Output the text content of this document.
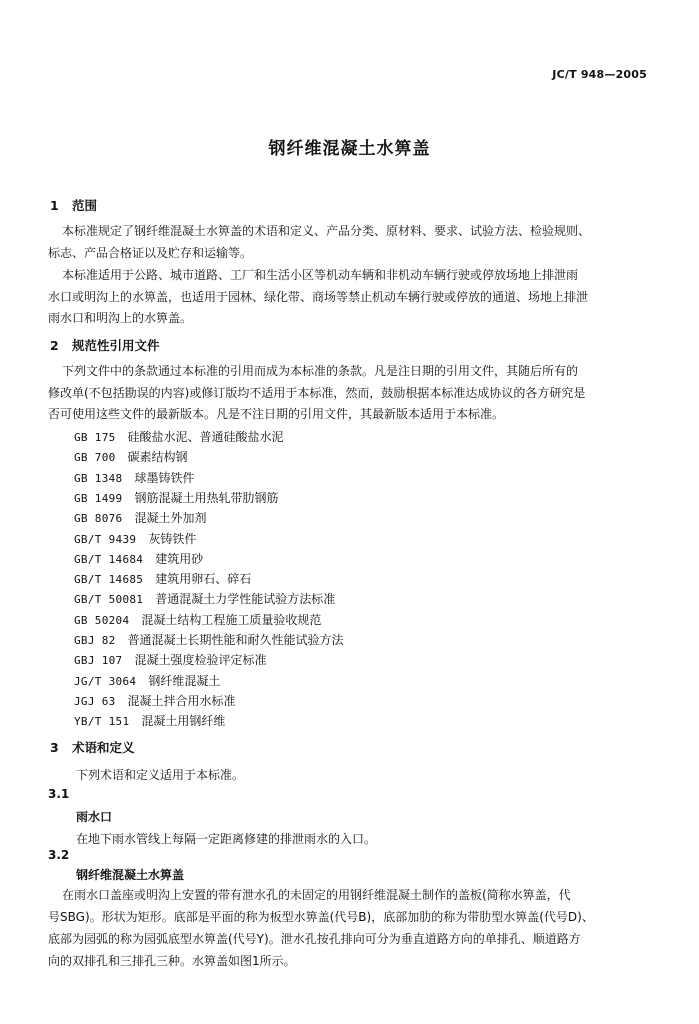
JC/T 948—2005
钢纤维混凝土水箅盖
1 范围
本标准规定了钢纤维混凝土水箅盖的术语和定义、产品分类、原材料、要求、试验方法、检验规则、
标志、产品合格证以及贮存和运输等。
本标准适用于公路、城市道路、工厂和生活小区等机动车辆和非机动车辆行驶或停放场地上排泄雨
水口或明沟上的水箅盖，也适用于园林、绿化带、商场等禁止机动车辆行驶或停放的通道、场地上排泄
雨水口和明沟上的水箅盖。
2 规范性引用文件
下列文件中的条款通过本标准的引用而成为本标准的条款。凡是注日期的引用文件，其随后所有的
修改单(不包括勘误的内容)或修订版均不适用于本标准，然而，鼓励根据本标准达成协议的各方研究是
否可使用这些文件的最新版本。凡是不注日期的引用文件，其最新版本适用于本标准。
GB 175 硅酸盐水泥、普通硅酸盐水泥
GB 700 碳素结构钢
GB 1348 球墨铸铁件
GB 1499 钢筋混凝土用热轧带肋钢筋
GB 8076 混凝土外加剂
GB/T 9439 灰铸铁件
GB/T 14684 建筑用砂
GB/T 14685 建筑用卵石、碎石
GB/T 50081 普通混凝土力学性能试验方法标准
GB 50204 混凝土结构工程施工质量验收规范
GBJ 82 普通混凝土长期性能和耐久性能试验方法
GBJ 107 混凝土强度检验评定标准
JG/T 3064 钢纤维混凝土
JGJ 63 混凝土拌合用水标准
YB/T 151 混凝土用钢纤维
3 术语和定义
下列术语和定义适用于本标准。
3.1
雨水口
在地下雨水管线上每隔一定距离修建的排泄雨水的入口。
3.2
钢纤维混凝土水箅盖
在雨水口盖座或明沟上安置的带有泄水孔的未固定的用钢纤维混凝土制作的盖板(简称水箅盖，代
号SBG)。形状为矩形。底部是平面的称为板型水箅盖(代号B)，底部加肋的称为带肋型水箅盖(代号D)、
底部为园弧的称为园弧底型水箅盖(代号Y)。泄水孔按孔排向可分为垂直道路方向的单排孔、顺道路方
向的双排孔和三排孔三种。水箅盖如图1所示。
